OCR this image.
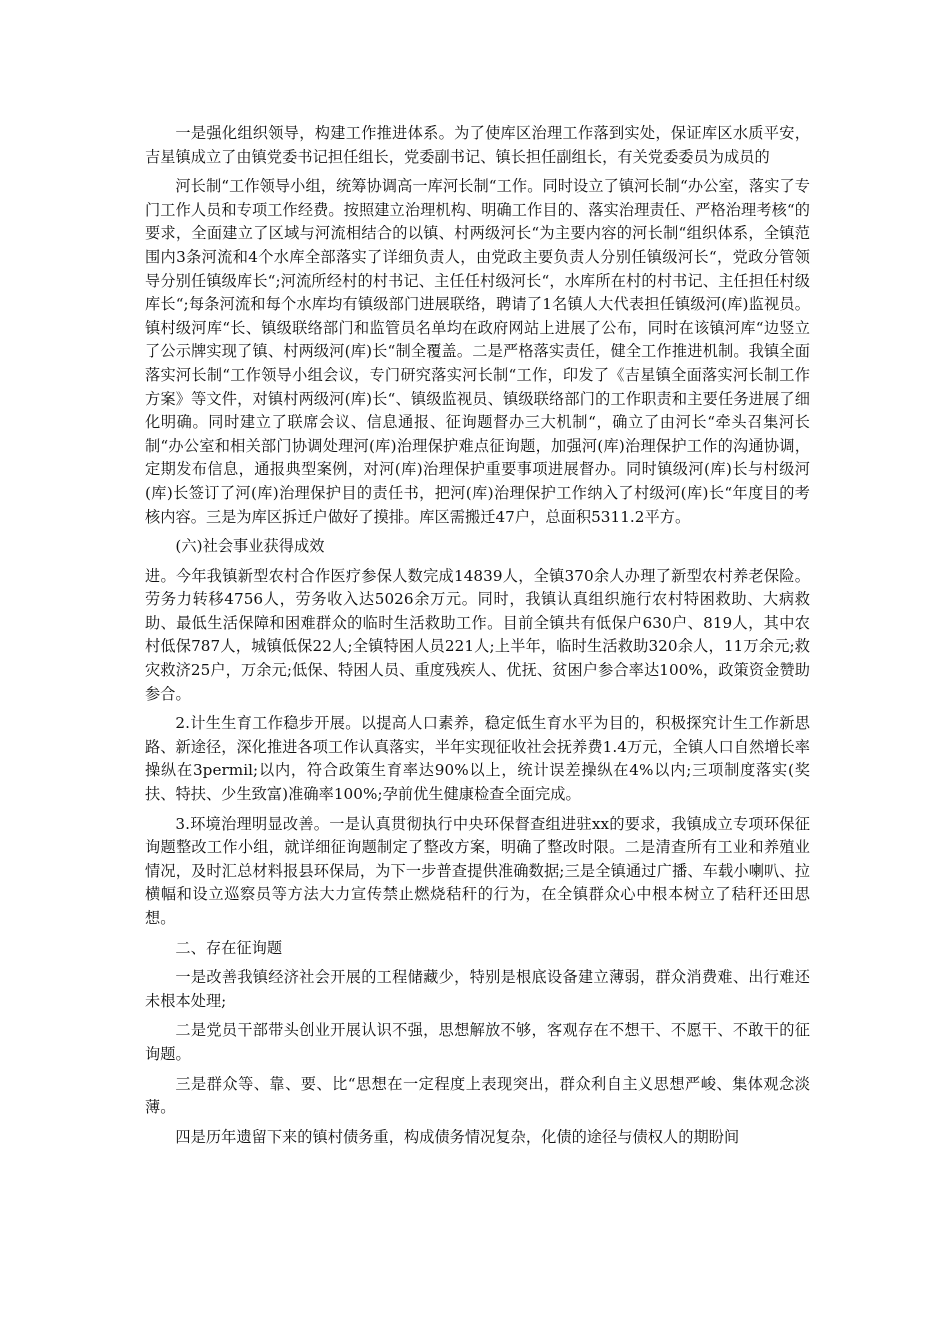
一是强化组织领导，构建工作推进体系。为了使库区治理工作落到实处，保证库区水质平安，吉星镇成立了由镇党委书记担任组长，党委副书记、镇长担任副组长，有关党委委员为成员的

河长制“工作领导小组，统筹协调高一库河长制“工作。同时设立了镇河长制“办公室，落实了专门工作人员和专项工作经费。按照建立治理机构、明确工作目的、落实治理责任、严格治理考核“的要求，全面建立了区域与河流相结合的以镇、村两级河长“为主要内容的河长制“组织体系，全镇范围内3条河流和4个水库全部落实了详细负责人，由党政主要负责人分别任镇级河长“，党政分管领导分别任镇级库长“;河流所经村的村书记、主任任村级河长“，水库所在村的村书记、主任担任村级库长“;每条河流和每个水库均有镇级部门进展联络，聘请了1名镇人大代表担任镇级河(库)监视员。镇村级河库“长、镇级联络部门和监管员名单均在政府网站上进展了公布，同时在该镇河库“边竖立了公示牌实现了镇、村两级河(库)长“制全覆盖。二是严格落实责任，健全工作推进机制。我镇全面落实河长制“工作领导小组会议，专门研究落实河长制“工作，印发了《吉星镇全面落实河长制工作方案》等文件，对镇村两级河(库)长“、镇级监视员、镇级联络部门的工作职责和主要任务进展了细化明确。同时建立了联席会议、信息通报、征询题督办三大机制“，确立了由河长“牵头召集河长制“办公室和相关部门协调处理河(库)治理保护难点征询题，加强河(库)治理保护工作的沟通协调，定期发布信息，通报典型案例，对河(库)治理保护重要事项进展督办。同时镇级河(库)长与村级河(库)长签订了河(库)治理保护目的责任书，把河(库)治理保护工作纳入了村级河(库)长“年度目的考核内容。三是为库区拆迁户做好了摸排。库区需搬迁47户，总面积5311.2平方。

(六)社会事业获得成效

进。今年我镇新型农村合作医疗参保人数完成14839人，全镇370余人办理了新型农村养老保险。劳务力转移4756人，劳务收入达5026余万元。同时，我镇认真组织施行农村特困救助、大病救助、最低生活保障和困难群众的临时生活救助工作。目前全镇共有低保户630户、819人，其中农村低保787人，城镇低保22人;全镇特困人员221人;上半年，临时生活救助320余人，11万余元;救灾救济25户，万余元;低保、特困人员、重度残疾人、优抚、贫困户参合率达100%，政策资金赞助参合。

2.计生生育工作稳步开展。以提高人口素养，稳定低生育水平为目的，积极探究计生工作新思路、新途径，深化推进各项工作认真落实，半年实现征收社会抚养费1.4万元，全镇人口自然增长率操纵在3permil;以内，符合政策生育率达90%以上，统计误差操纵在4%以内;三项制度落实(奖扶、特扶、少生致富)准确率100%;孕前优生健康检查全面完成。

3.环境治理明显改善。一是认真贯彻执行中央环保督查组进驻xx的要求，我镇成立专项环保征询题整改工作小组，就详细征询题制定了整改方案，明确了整改时限。二是清查所有工业和养殖业情况，及时汇总材料报县环保局，为下一步普查提供准确数据;三是全镇通过广播、车载小喇叭、拉横幅和设立巡察员等方法大力宣传禁止燃烧秸秆的行为，在全镇群众心中根本树立了秸秆还田思想。

二、存在征询题

一是改善我镇经济社会开展的工程储藏少，特别是根底设备建立薄弱，群众消费难、出行难还未根本处理;

二是党员干部带头创业开展认识不强，思想解放不够，客观存在不想干、不愿干、不敢干的征询题。

三是群众等、靠、要、比“思想在一定程度上表现突出，群众利自主义思想严峻、集体观念淡薄。

四是历年遗留下来的镇村债务重，构成债务情况复杂，化债的途径与债权人的期盼间
